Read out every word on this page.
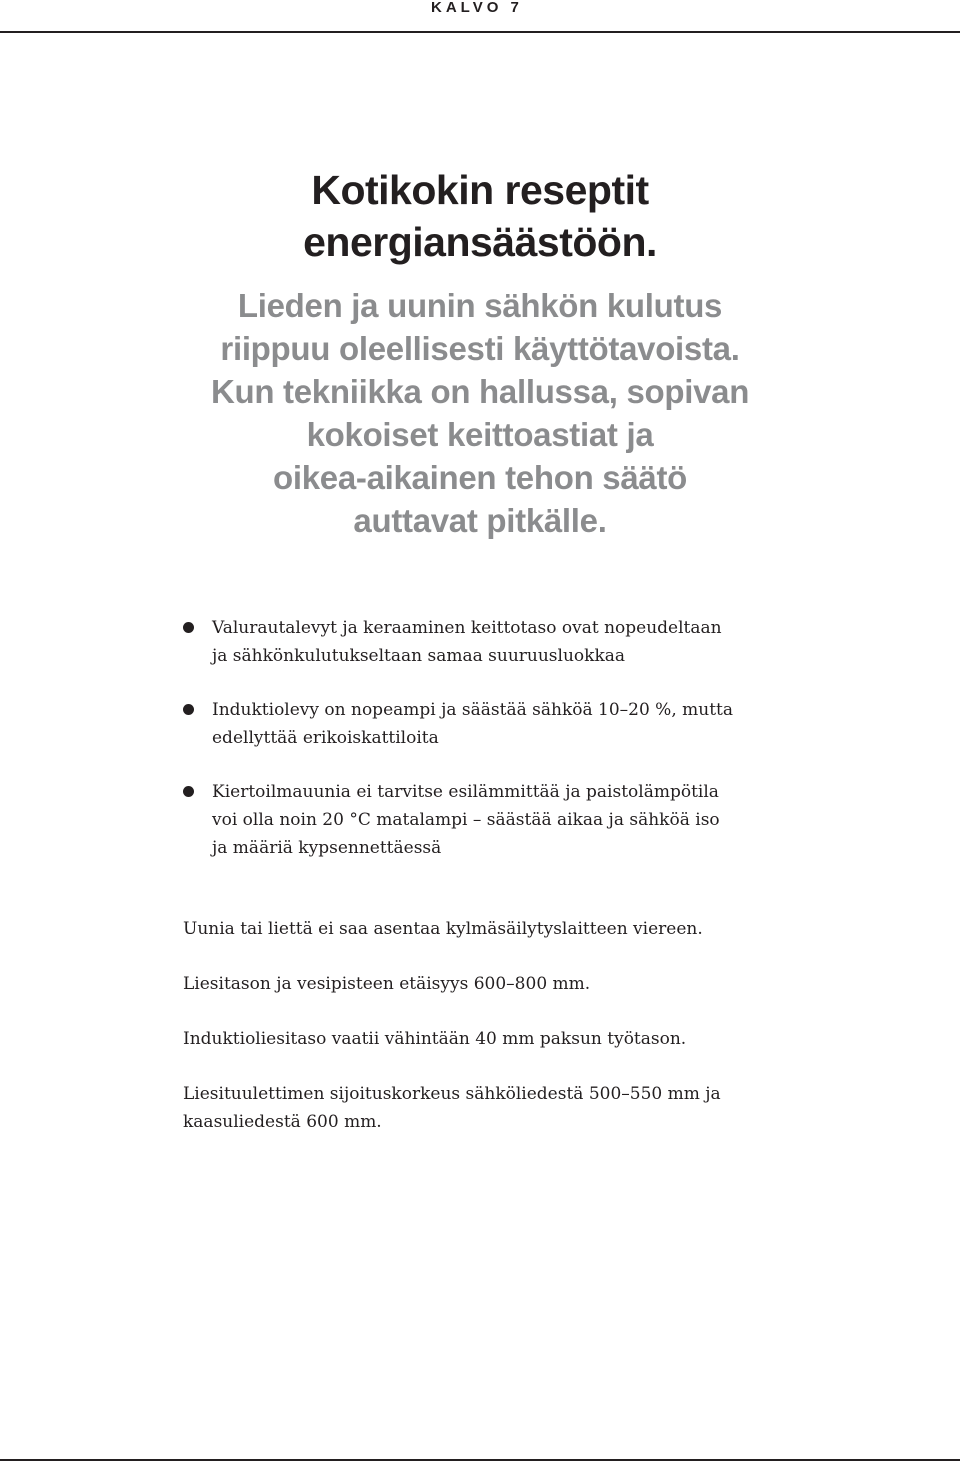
KALVO 7
Kotikokin reseptit
energiansäästöön.

Lieden ja uunin sähkön kulutus
riippuu oleellisesti käyttötavoista.
Kun tekniikka on hallussa, sopivan
kokoiset keittoastiat ja
oikea-aikainen tehon säätö
auttavat pitkälle.

Valurautalevyt ja keraaminen keittotaso ovat nopeudeltaan
ja sähkönkulutukseltaan samaa suuruusluokkaa
Induktiolevy on nopeampi ja säästää sähköä 10–20 %, mutta
edellyttää erikoiskattiloita
Kiertoilmauunia ei tarvitse esilämmittää ja paistolämpötila
voi olla noin 20 °C matalampi – säästää aikaa ja sähköä iso
ja määriä kypsennettäessä

Uunia tai liettä ei saa asentaa kylmäsäilytyslaitteen viereen.

Liesitason ja vesipisteen etäisyys 600–800 mm.

Induktioliesitaso vaatii vähintään 40 mm paksun työtason.

Liesituulettimen sijoituskorkeus sähköliedestä 500–550 mm ja
kaasuliedestä 600 mm.
